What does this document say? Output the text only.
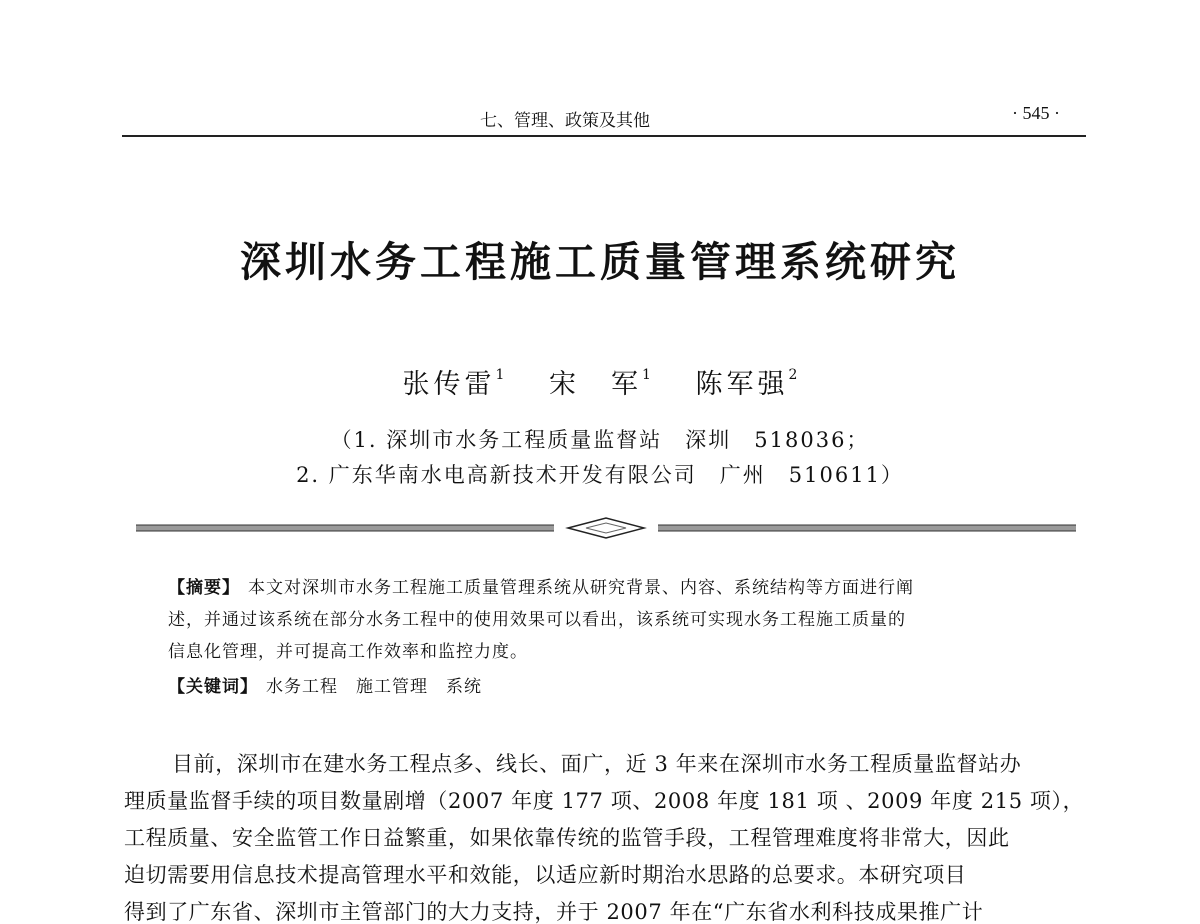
七、管理、政策及其他	· 545 ·
深圳水务工程施工质量管理系统研究
张传雷$^1$ 宋　军$^1$ 陈军强$^2$
（1. 深圳市水务工程质量监督站　深圳　518036；
2. 广东华南水电高新技术开发有限公司　广州　510611）
【摘要】 本文对深圳市水务工程施工质量管理系统从研究背景、内容、系统结构等方面进行阐
述，并通过该系统在部分水务工程中的使用效果可以看出，该系统可实现水务工程施工质量的
信息化管理，并可提高工作效率和监控力度。
【关键词】 水务工程 施工管理 系统
目前，深圳市在建水务工程点多、线长、面广，近 3 年来在深圳市水务工程质量监督站办
理质量监督手续的项目数量剧增（2007 年度 177 项、2008 年度 181 项 、2009 年度 215 项），
工程质量、安全监管工作日益繁重，如果依靠传统的监管手段，工程管理难度将非常大，因此
迫切需要用信息技术提高管理水平和效能，以适应新时期治水思路的总要求。本研究项目
得到了广东省、深圳市主管部门的大力支持，并于 2007 年在“广东省水利科技成果推广计
